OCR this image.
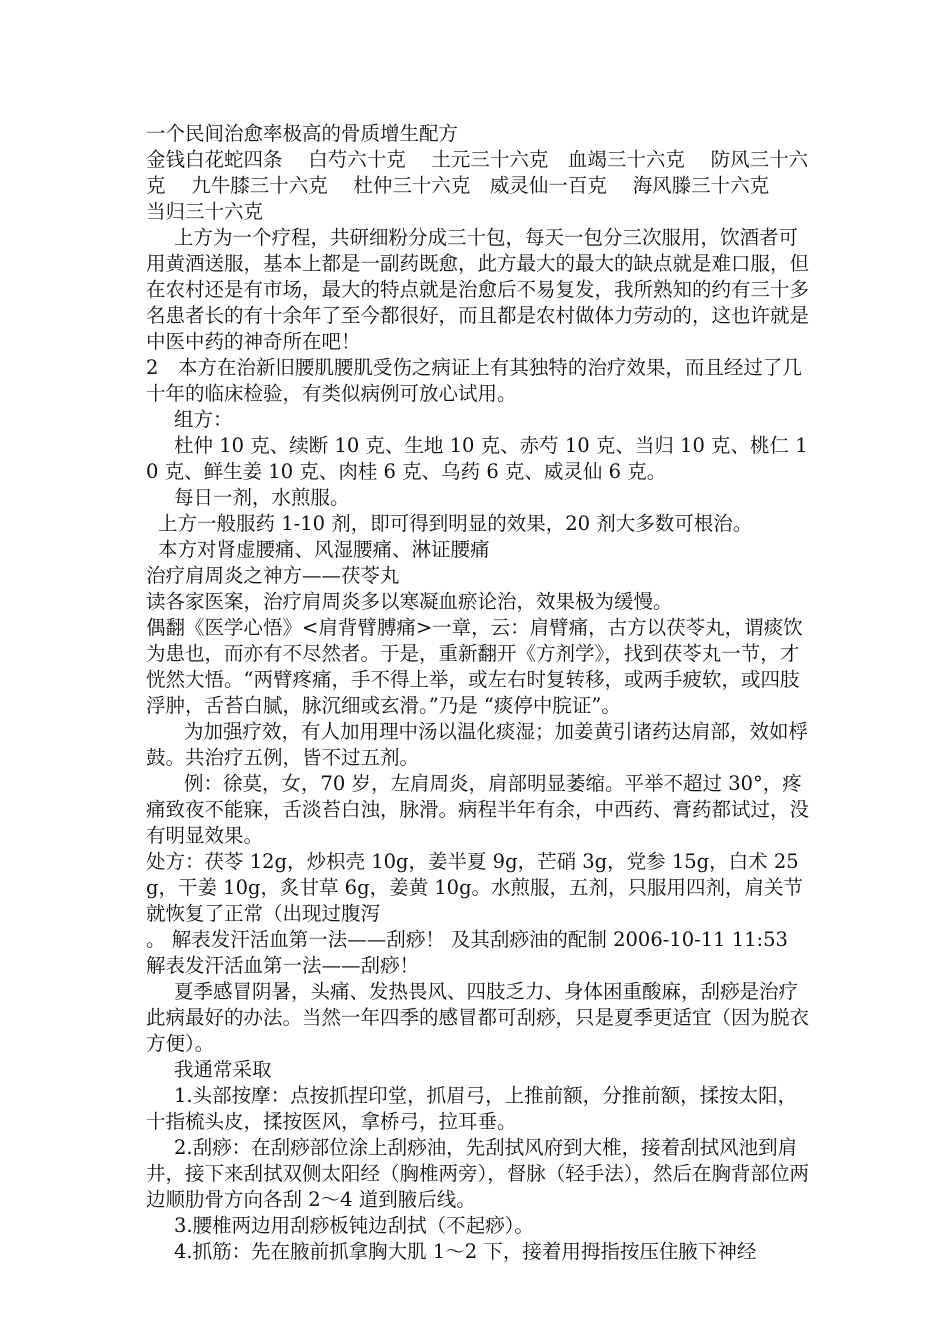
一个民间治愈率极高的骨质增生配方

金钱白花蛇四条　 白芍六十克　 土元三十六克　血竭三十六克　 防风三十六克　 九牛膝三十六克　 杜仲三十六克　威灵仙一百克　 海风滕三十六克　 当归三十六克

上方为一个疗程，共研细粉分成三十包，每天一包分三次服用，饮酒者可用黄酒送服，基本上都是一副药既愈，此方最大的最大的缺点就是难口服，但在农村还是有市场，最大的特点就是治愈后不易复发，我所熟知的约有三十多名患者长的有十余年了至今都很好，而且都是农村做体力劳动的，这也许就是中医中药的神奇所在吧！

2　本方在治新旧腰肌腰肌受伤之病证上有其独特的治疗效果，而且经过了几十年的临床检验，有类似病例可放心试用。

组方：

杜仲 10 克、续断 10 克、生地 10 克、赤芍 10 克、当归 10 克、桃仁 10 克、鲜生姜 10 克、肉桂 6 克、乌药 6 克、威灵仙 6 克。

每日一剂，水煎服。

上方一般服药 1-10 剂，即可得到明显的效果，20 剂大多数可根治。

本方对肾虚腰痛、风湿腰痛、淋证腰痛

治疗肩周炎之神方——茯苓丸

读各家医案，治疗肩周炎多以寒凝血瘀论治，效果极为缓慢。

偶翻《医学心悟》<肩背臂膊痛>一章，云：肩臂痛，古方以茯苓丸，谓痰饮为患也，而亦有不尽然者。于是，重新翻开《方剂学》，找到茯苓丸一节，才恍然大悟。“两臂疼痛，手不得上举，或左右时复转移，或两手疲软，或四肢浮肿，舌苔白腻，脉沉细或玄滑。”乃是 “痰停中脘证”。

为加强疗效，有人加用理中汤以温化痰湿；加姜黄引诸药达肩部，效如桴鼓。共治疗五例，皆不过五剂。

例：徐莫，女，70 岁，左肩周炎，肩部明显萎缩。平举不超过 30°，疼痛致夜不能寐，舌淡苔白浊，脉滑。病程半年有余，中西药、膏药都试过，没有明显效果。

处方：茯苓 12g，炒枳壳 10g，姜半夏 9g，芒硝 3g，党参 15g，白术 25g，干姜 10g，炙甘草 6g，姜黄 10g。水煎服，五剂，只服用四剂，肩关节就恢复了正常（出现过腹泻

。 解表发汗活血第一法——刮痧！ 及其刮痧油的配制 2006-10-11 11:53 解表发汗活血第一法——刮痧！

夏季感冒阴暑，头痛、发热畏风、四肢乏力、身体困重酸麻，刮痧是治疗此病最好的办法。当然一年四季的感冒都可刮痧，只是夏季更适宜（因为脱衣方便）。

我通常采取

1.头部按摩：点按抓捏印堂，抓眉弓，上推前额，分推前额，揉按太阳，十指梳头皮，揉按医风，拿桥弓，拉耳垂。

2.刮痧：在刮痧部位涂上刮痧油，先刮拭风府到大椎，接着刮拭风池到肩井，接下来刮拭双侧太阳经（胸椎两旁），督脉（轻手法），然后在胸背部位两边顺肋骨方向各刮 2～4 道到腋后线。

3.腰椎两边用刮痧板钝边刮拭（不起痧）。

4.抓筋：先在腋前抓拿胸大肌 1～2 下，接着用拇指按压住腋下神经
